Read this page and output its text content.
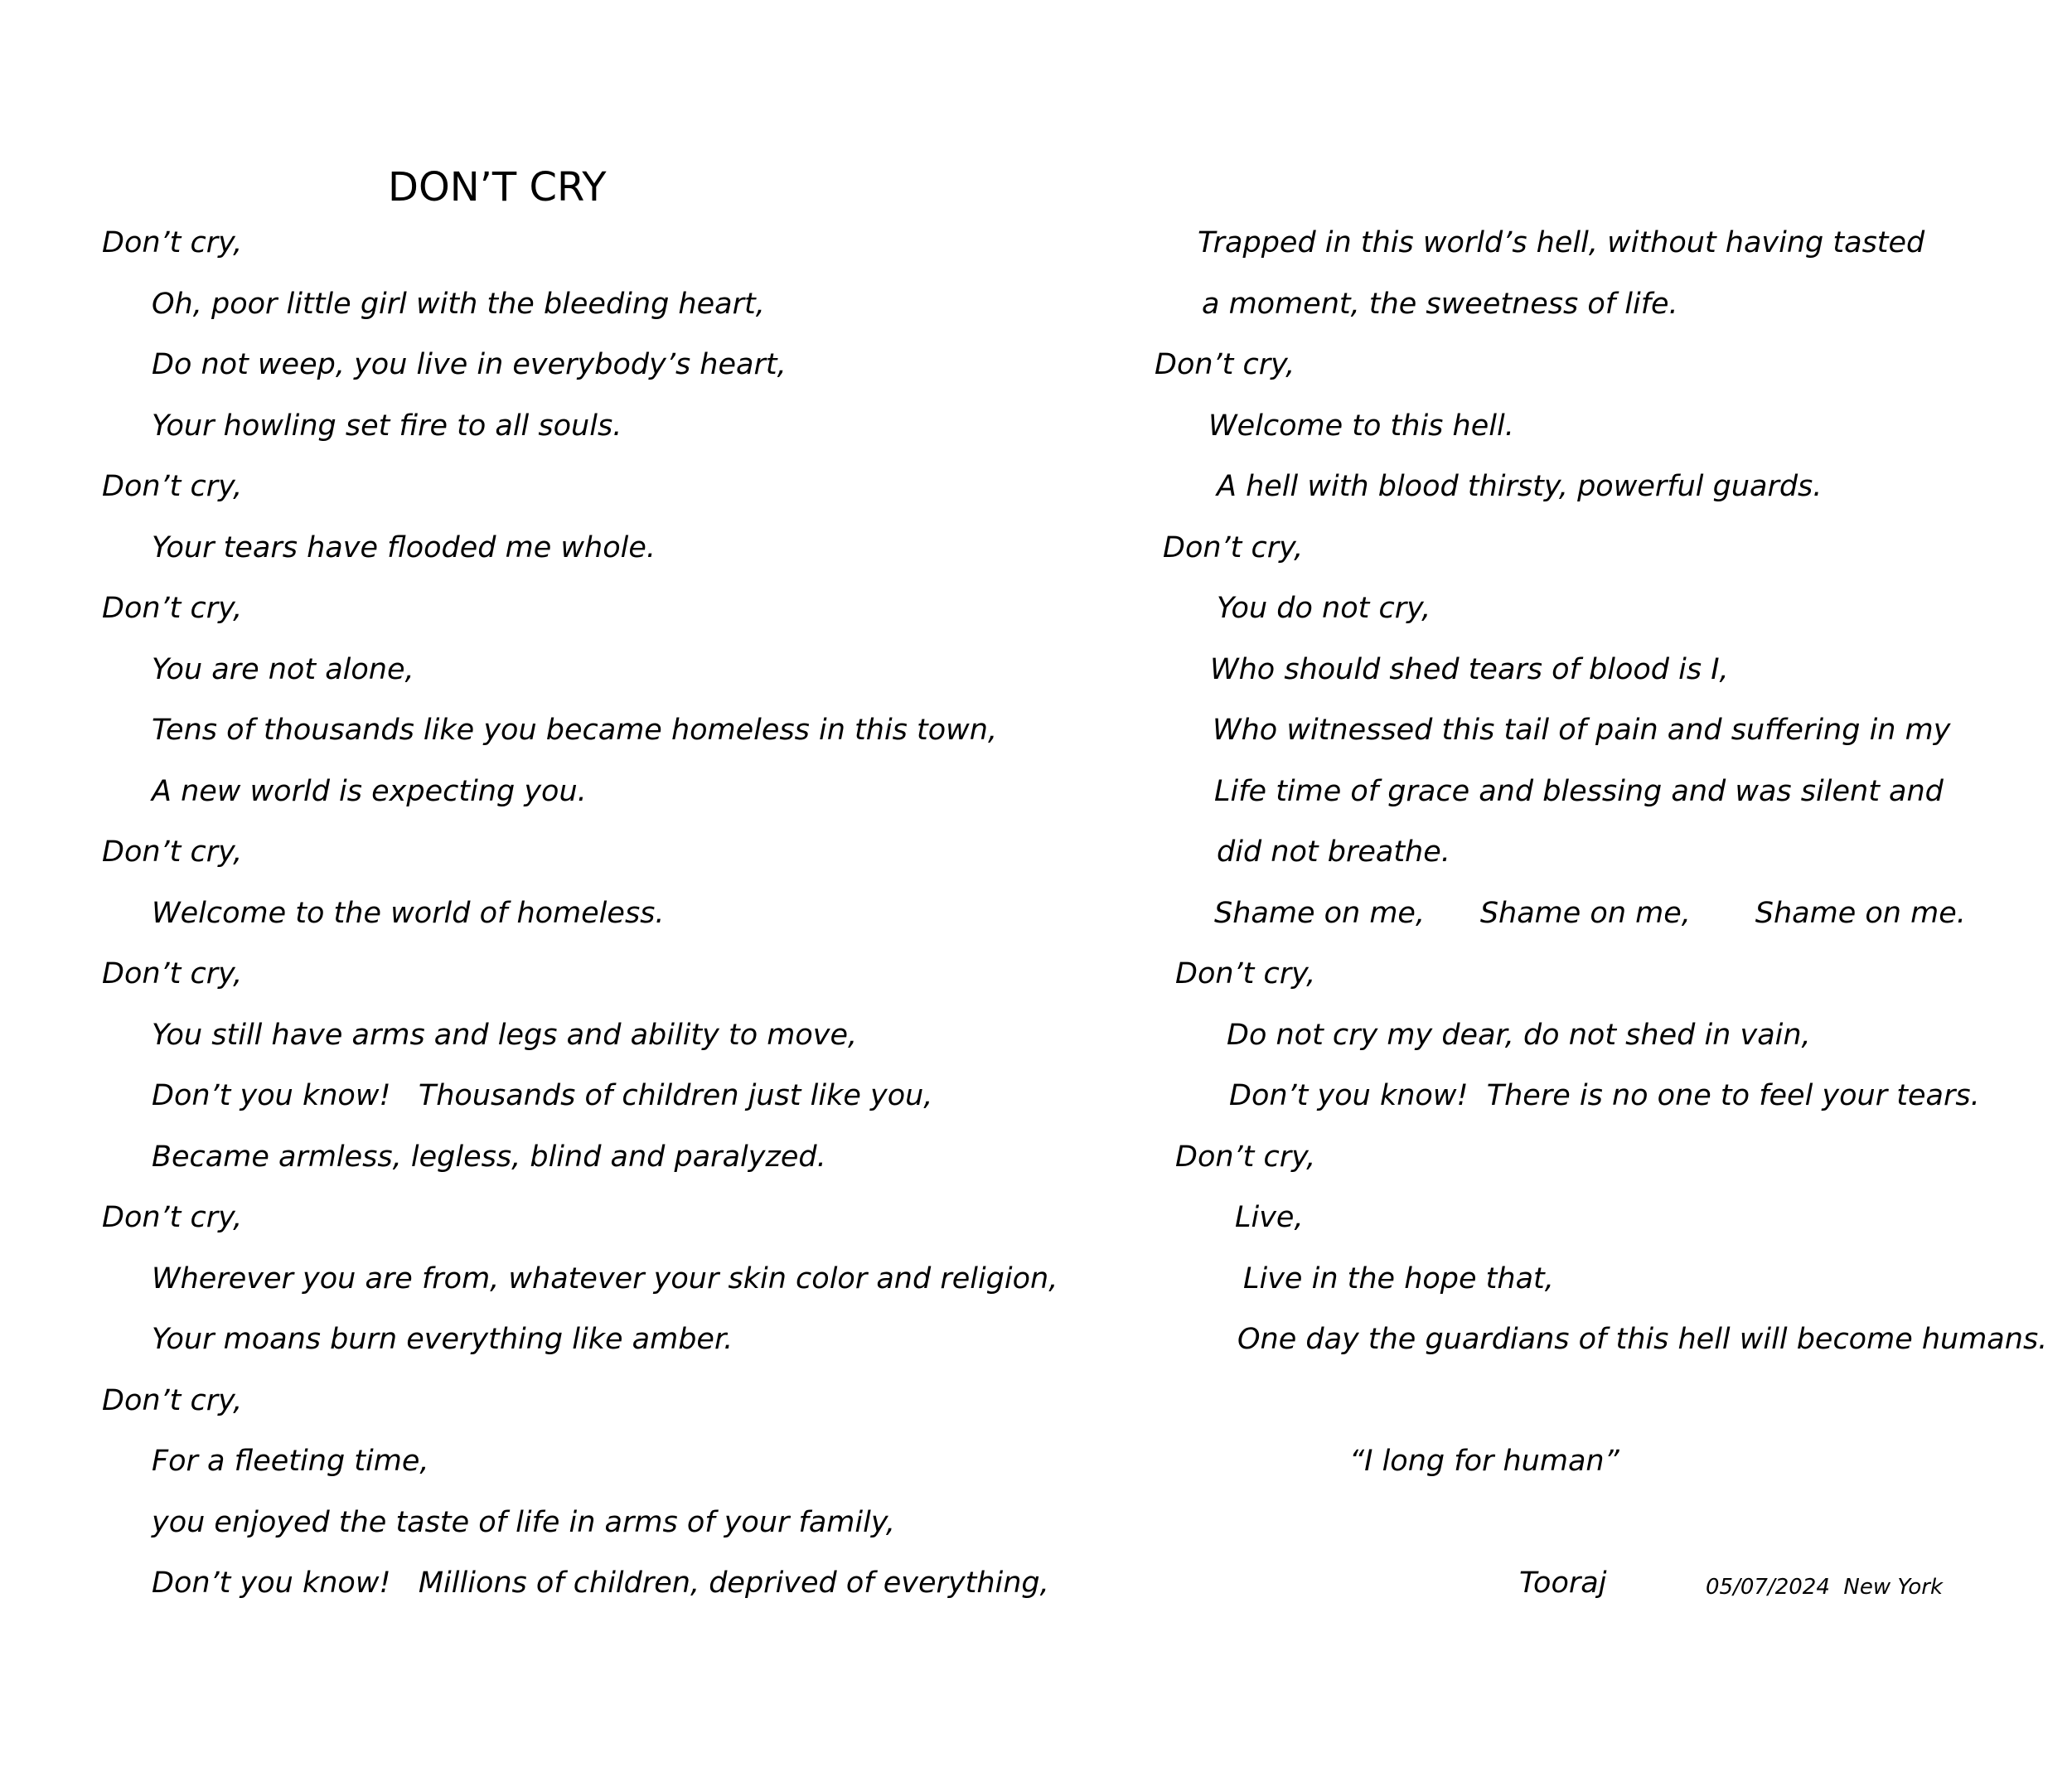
DON’T CRY
Don’t cry,
Oh, poor little girl with the bleeding heart,
Do not weep, you live in everybody’s heart,
Your howling set fire to all souls.
Don’t cry,
Your tears have flooded me whole.
Don’t cry,
You are not alone,
Tens of thousands like you became homeless in this town,
A new world is expecting you.
Don’t cry,
Welcome to the world of homeless.
Don’t cry,
You still have arms and legs and ability to move,
Don’t you know!   Thousands of children just like you,
Became armless, legless, blind and paralyzed.
Don’t cry,
Wherever you are from, whatever your skin color and religion,
Your moans burn everything like amber.
Don’t cry,
For a fleeting time,
you enjoyed the taste of life in arms of your family,
Don’t you know!   Millions of children, deprived of everything,
Trapped in this world’s hell, without having tasted
a moment, the sweetness of life.
Don’t cry,
Welcome to this hell.
A hell with blood thirsty, powerful guards.
Don’t cry,
You do not cry,
Who should shed tears of blood is I,
Who witnessed this tail of pain and suffering in my
Life time of grace and blessing and was silent and
did not breathe.
Shame on me,      Shame on me,       Shame on me.
Don’t cry,
Do not cry my dear, do not shed in vain,
Don’t you know!  There is no one to feel your tears.
Don’t cry,
Live,
Live in the hope that,
One day the guardians of this hell will become humans.
“I long for human”
Tooraj	05/07/2024  New York
